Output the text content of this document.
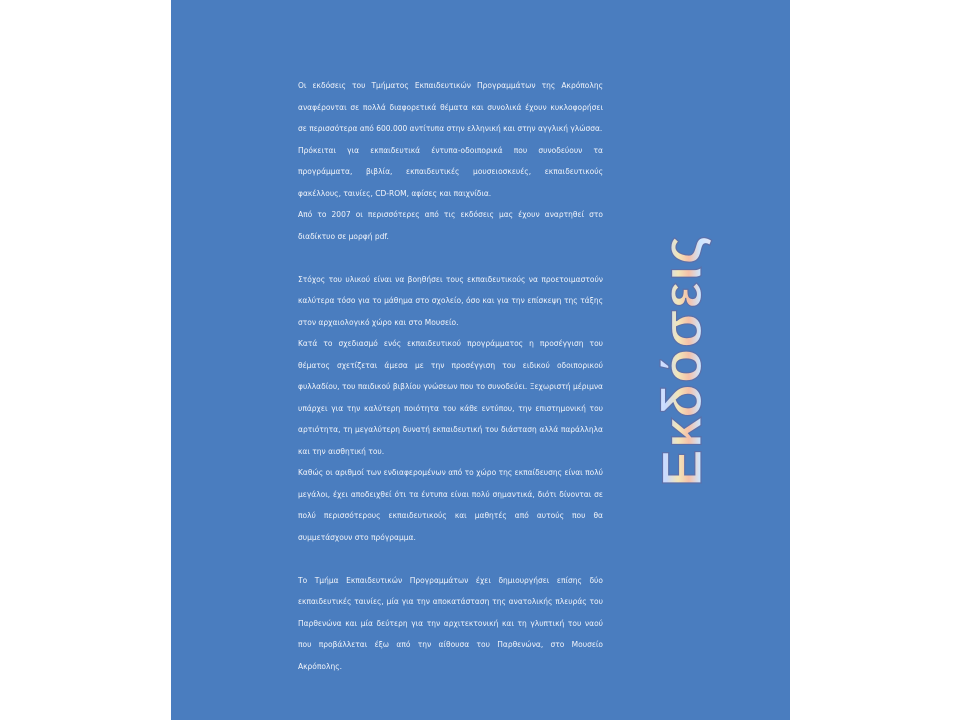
Οι εκδόσεις του Τμήματος Εκπαιδευτικών Προγραμμάτων της Ακρόπολης αναφέρονται σε πολλά διαφορετικά θέματα και συνολικά έχουν κυκλοφορήσει σε περισσότερα από 600.000 αντίτυπα στην ελληνική και στην αγγλική γλώσσα.

Πρόκειται για εκπαιδευτικά έντυπα-οδοιπορικά που συνοδεύουν τα προγράμματα, βιβλία, εκπαιδευτικές μουσειοσκευές, εκπαιδευτικούς φακέλλους, ταινίες, CD-ROM, αφίσες και παιχνίδια.

Από το 2007 οι περισσότερες από τις εκδόσεις μας έχουν αναρτηθεί στο διαδίκτυο σε μορφή pdf.

Στόχος του υλικού είναι να βοηθήσει τους εκπαιδευτικούς να προετοιμαστούν καλύτερα τόσο για το μάθημα στο σχολείο, όσο και για την επίσκεψη της τάξης στον αρχαιολογικό χώρο και στο Μουσείο.

Κατά το σχεδιασμό ενός εκπαιδευτικού προγράμματος η προσέγγιση του θέματος σχετίζεται άμεσα με την προσέγγιση του ειδικού οδοιπορικού φυλλαδίου, του παιδικού βιβλίου γνώσεων που το συνοδεύει. Ξεχωριστή μέριμνα υπάρχει για την καλύτερη ποιότητα του κάθε εντύπου, την επιστημονική του αρτιότητα, τη μεγαλύτερη δυνατή εκπαιδευτική του διάσταση αλλά παράλληλα και την αισθητική του.

Καθώς οι αριθμοί των ενδιαφερομένων από το χώρο της εκπαίδευσης είναι πολύ μεγάλοι, έχει αποδειχθεί ότι τα έντυπα είναι πολύ σημαντικά, διότι δίνονται σε πολύ περισσότερους εκπαιδευτικούς και μαθητές από αυτούς που θα συμμετάσχουν στο πρόγραμμα.

Το Τμήμα Εκπαιδευτικών Προγραμμάτων έχει δημιουργήσει επίσης δύο εκπαιδευτικές ταινίες, μία για την αποκατάσταση της ανατολικής πλευράς του Παρθενώνα και μία δεύτερη για την αρχιτεκτονική και τη γλυπτική του ναού που προβάλλεται έξω από την αίθουσα του Παρθενώνα, στο Μουσείο Ακρόπολης.

Εκδόσεις
